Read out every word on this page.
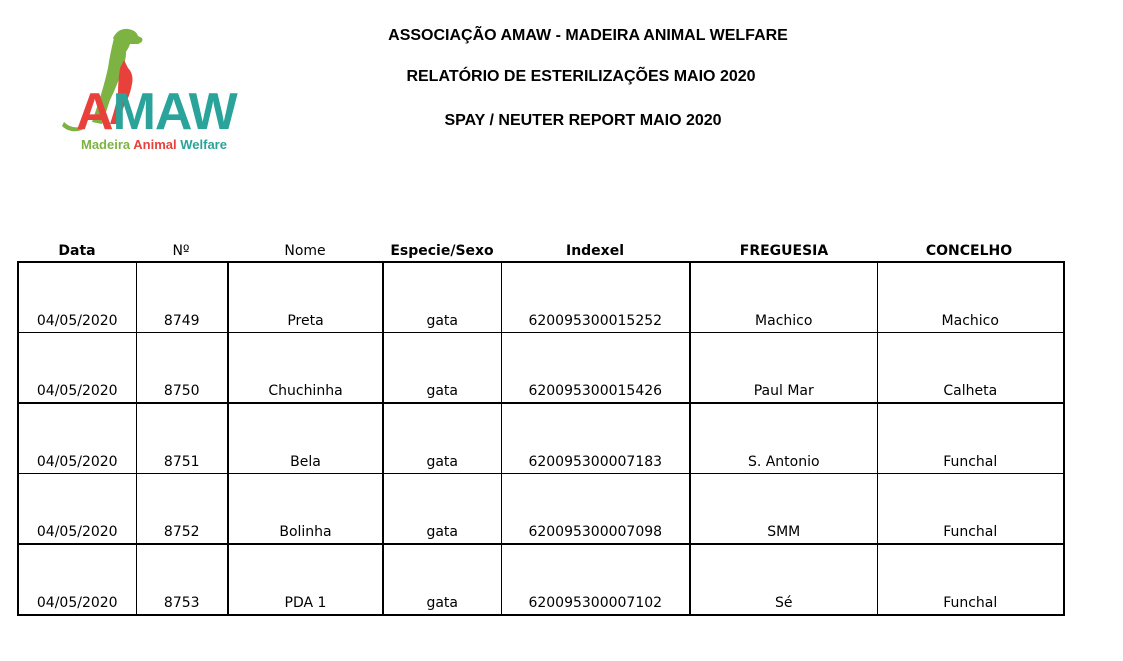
AMAW
Madeira Animal Welfare
ASSOCIAÇÃO AMAW - MADEIRA ANIMAL WELFARE
RELATÓRIO DE ESTERILIZAÇÕES MAIO 2020
SPAY / NEUTER REPORT MAIO 2020
Data	Nº	Nome	Especie/Sexo	Indexel	FREGUESIA	CONCELHO
04/05/2020	8749	Preta	gata	620095300015252	Machico	Machico
04/05/2020	8750	Chuchinha	gata	620095300015426	Paul Mar	Calheta
04/05/2020	8751	Bela	gata	620095300007183	S. Antonio	Funchal
04/05/2020	8752	Bolinha	gata	620095300007098	SMM	Funchal
04/05/2020	8753	PDA 1	gata	620095300007102	Sé	Funchal
